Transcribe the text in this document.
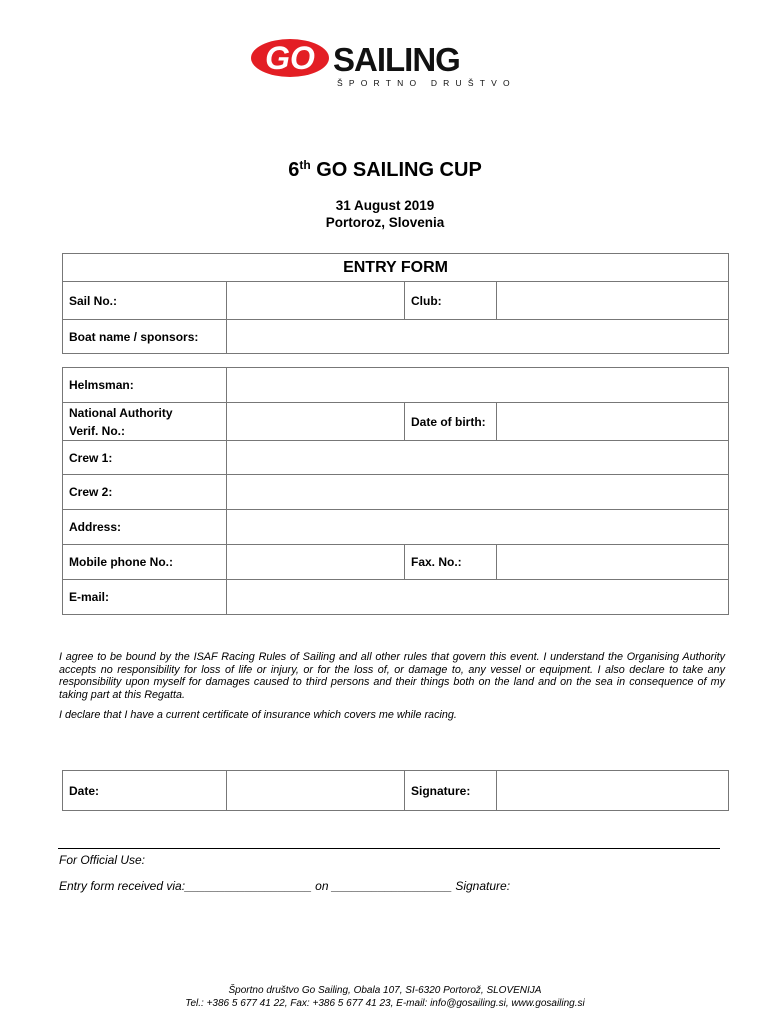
GO SAILING
ŠPORTNO DRUŠTVO
6th GO SAILING CUP
31 August 2019
Portoroz, Slovenia
ENTRY FORM			
Sail No.:		Club:	
Boat name / sponsors:			
Helmsman:			

National Authority
Verif. No.:		Date of birth:	
Crew 1:			
Crew 2:			
Address:			
Mobile phone No.:		Fax. No.:	
E-mail:			
I agree to be bound by the ISAF Racing Rules of Sailing and all other rules that govern this event. I understand the Organising Authority accepts no responsibility for loss of life or injury, or for the loss of, or damage to, any vessel or equipment. I also declare to take any responsibility upon myself for damages caused to third persons and their things both on the land and on the sea in consequence of my taking part at this Regatta.
I declare that I have a current certificate of insurance which covers me while racing.
Date:		Signature:	
For Official Use:
Entry form received via:___________________ on __________________ Signature:
Športno društvo Go Sailing, Obala 107, SI-6320 Portorož, SLOVENIJA
Tel.: +386 5 677 41 22, Fax: +386 5 677 41 23, E-mail: info@gosailing.si, www.gosailing.si
